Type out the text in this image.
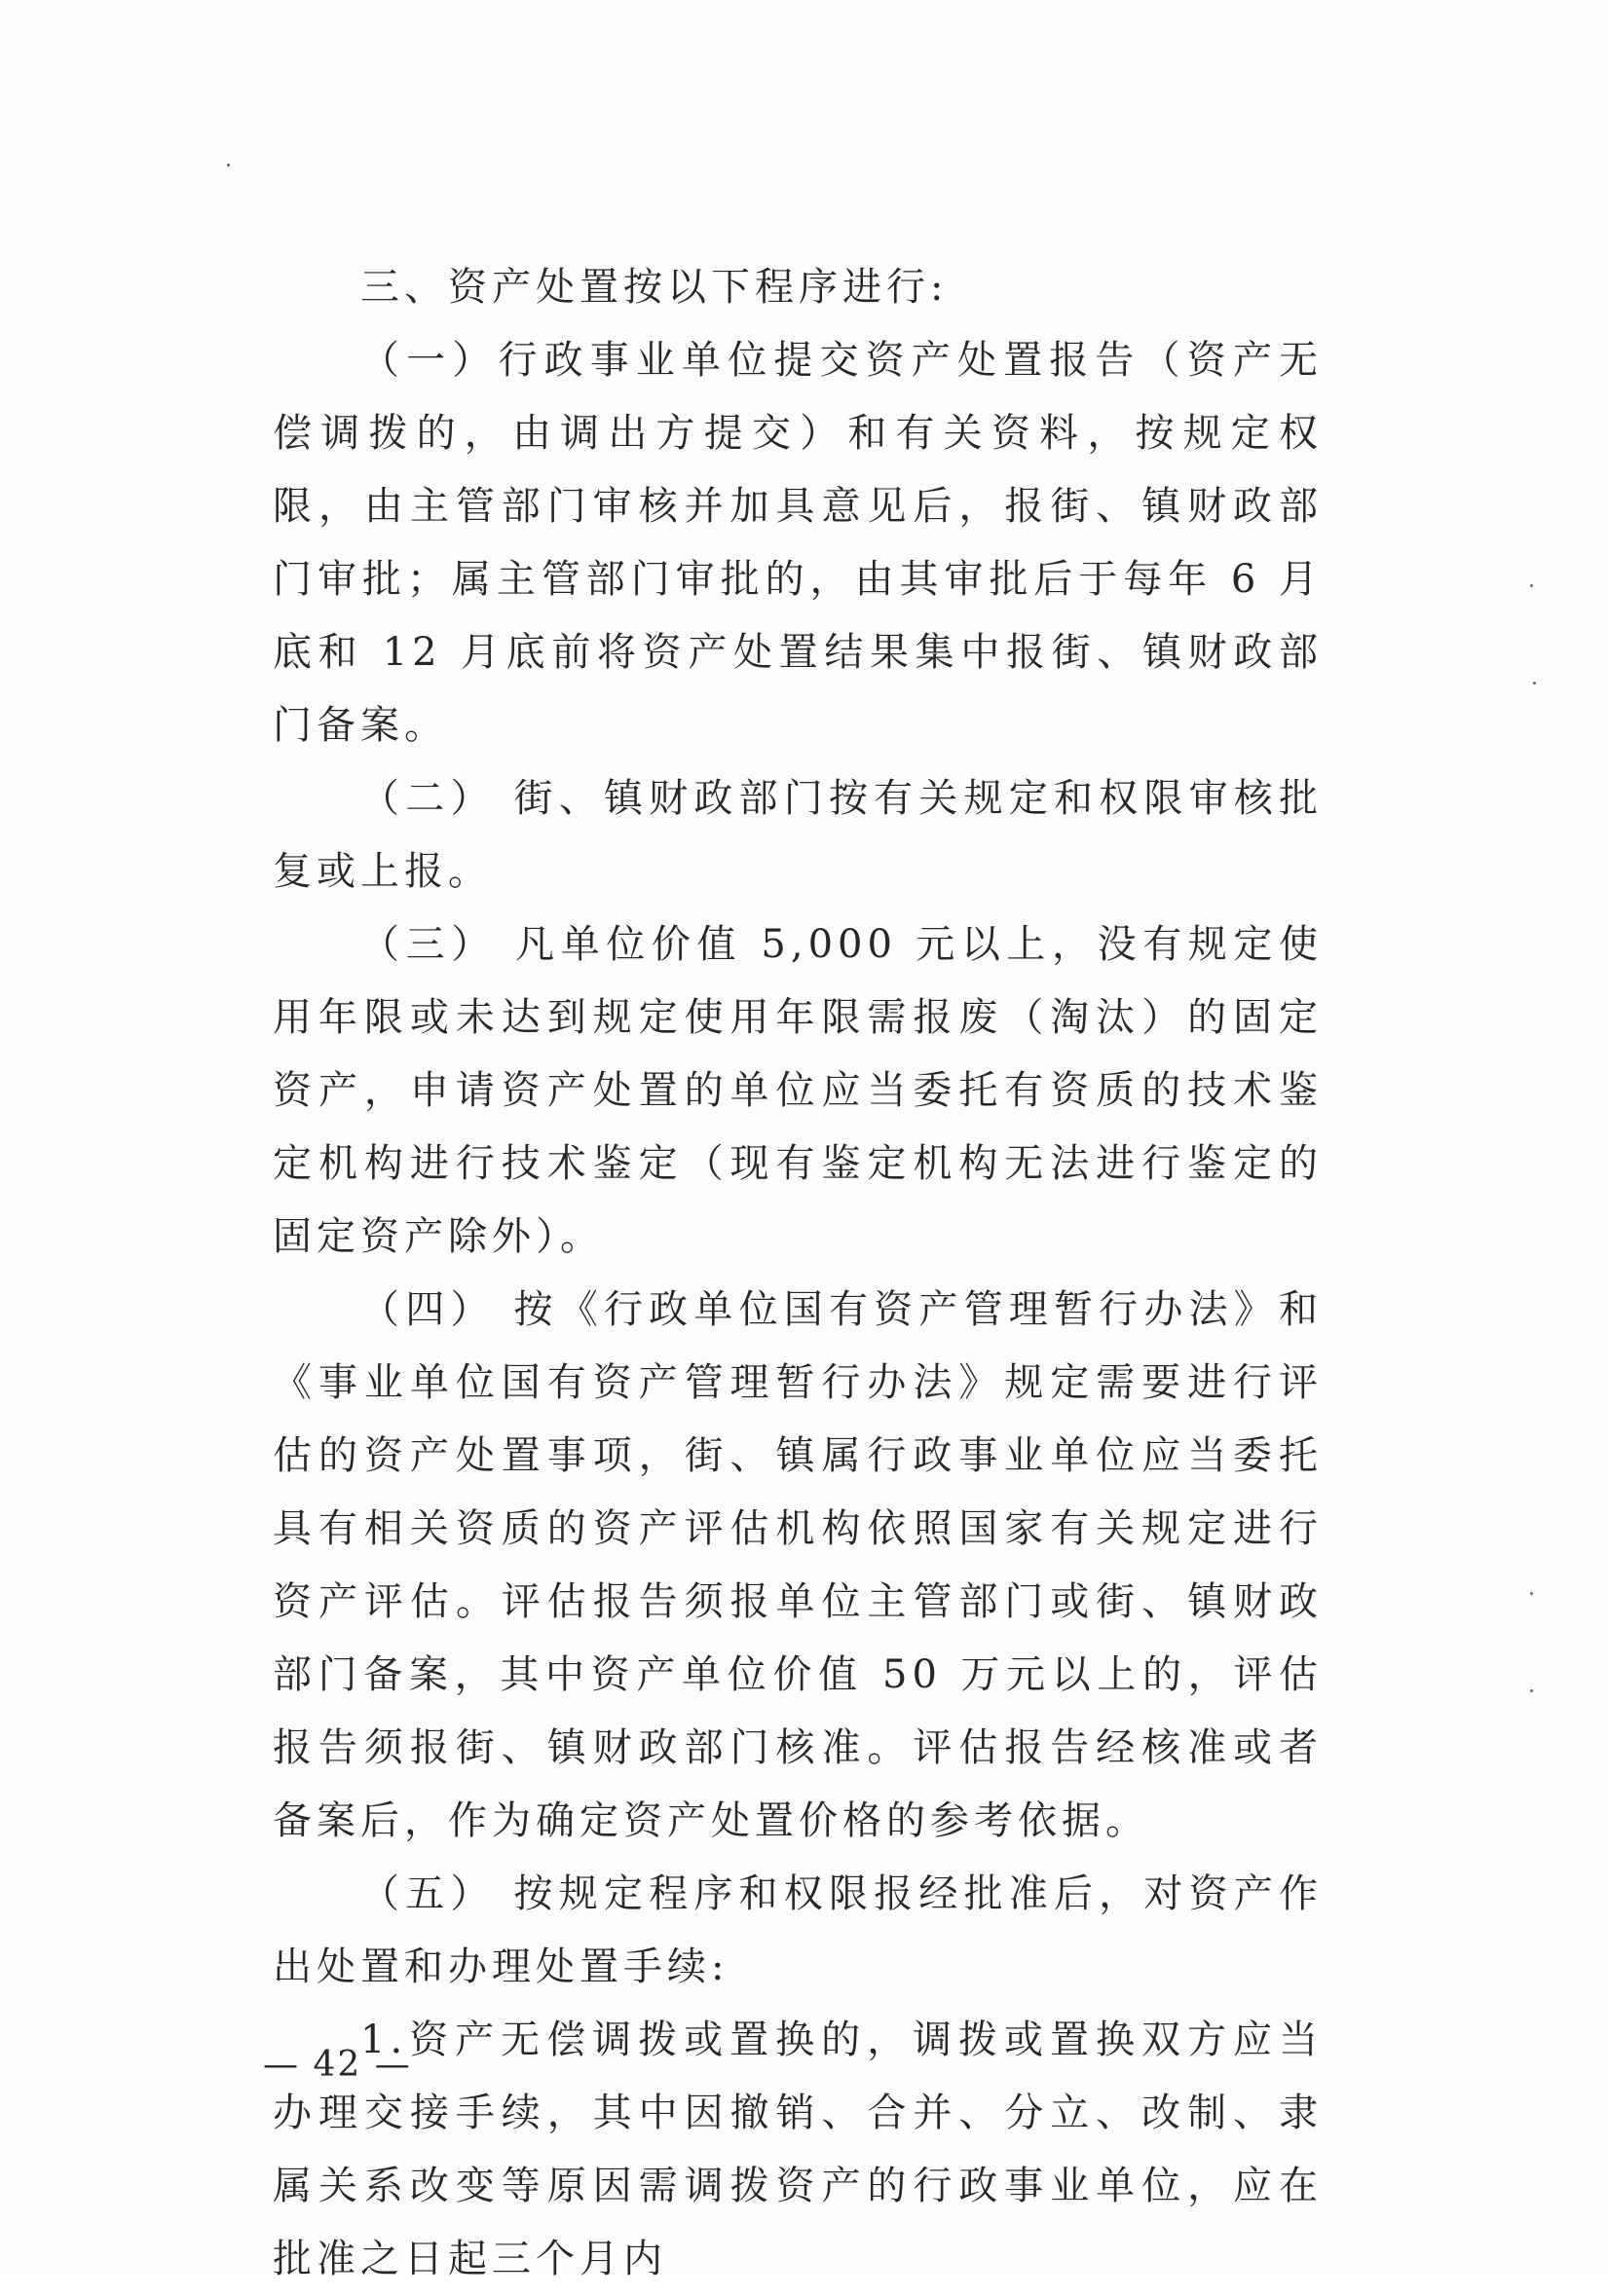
三、资产处置按以下程序进行:

（一）行政事业单位提交资产处置报告（资产无偿调拨的，由调出方提交）和有关资料，按规定权限，由主管部门审核并加具意见后，报街、镇财政部门审批；属主管部门审批的，由其审批后于每年 6 月底和 12 月底前将资产处置结果集中报街、镇财政部门备案。

（二） 街、镇财政部门按有关规定和权限审核批复或上报。

（三） 凡单位价值 5,000 元以上，没有规定使用年限或未达到规定使用年限需报废（淘汰）的固定资产，申请资产处置的单位应当委托有资质的技术鉴定机构进行技术鉴定（现有鉴定机构无法进行鉴定的固定资产除外）。

（四） 按《行政单位国有资产管理暂行办法》和《事业单位国有资产管理暂行办法》规定需要进行评估的资产处置事项，街、镇属行政事业单位应当委托具有相关资质的资产评估机构依照国家有关规定进行资产评估。评估报告须报单位主管部门或街、镇财政部门备案，其中资产单位价值 50 万元以上的，评估报告须报街、镇财政部门核准。评估报告经核准或者备案后，作为确定资产处置价格的参考依据。

（五） 按规定程序和权限报经批准后，对资产作出处置和办理处置手续:

1.资产无偿调拨或置换的，调拨或置换双方应当办理交接手续，其中因撤销、合并、分立、改制、隶属关系改变等原因需调拨资产的行政事业单位，应在批准之日起三个月内

— 42 —
